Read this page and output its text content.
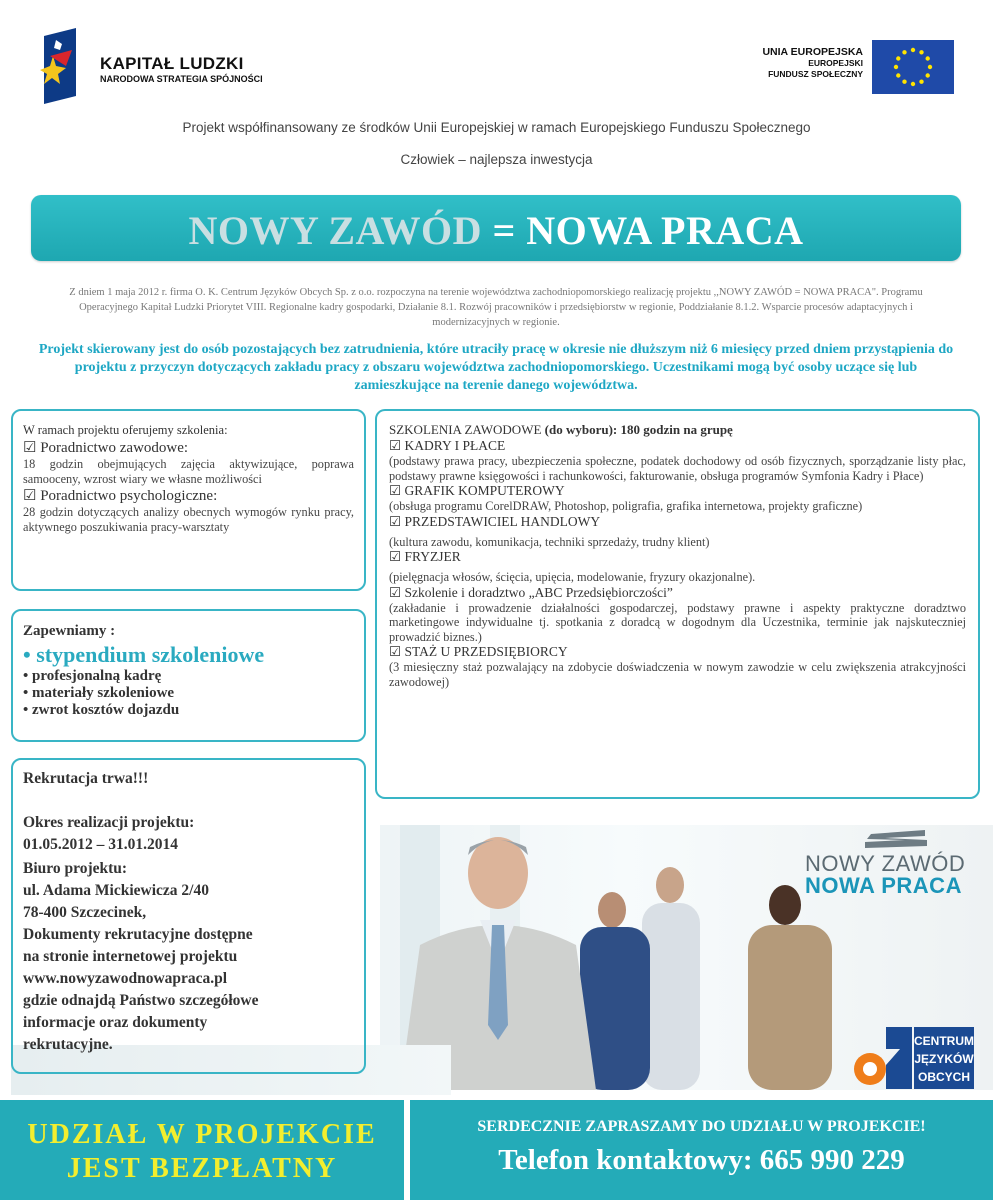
KAPITAŁ LUDZKI
NARODOWA STRATEGIA SPÓJNOŚCI
UNIA EUROPEJSKA
EUROPEJSKI
FUNDUSZ SPOŁECZNY
Projekt współfinansowany ze środków Unii Europejskiej w ramach Europejskiego Funduszu Społecznego
Człowiek – najlepsza inwestycja
NOWY ZAWÓD = NOWA PRACA
Z dniem 1 maja 2012 r. firma O. K. Centrum Języków Obcych Sp. z o.o. rozpoczyna na terenie województwa zachodniopomorskiego realizację projektu ,,NOWY ZAWÓD = NOWA PRACA". Programu Operacyjnego Kapitał Ludzki Priorytet VIII. Regionalne kadry gospodarki, Działanie 8.1. Rozwój pracowników i przedsiębiorstw w regionie, Poddziałanie 8.1.2. Wsparcie procesów adaptacyjnych i modernizacyjnych w regionie.
Projekt skierowany jest do osób pozostających bez zatrudnienia, które utraciły pracę w okresie nie dłuższym niż 6 miesięcy przed dniem przystąpienia do projektu z przyczyn dotyczących zakładu pracy z obszaru województwa zachodniopomorskiego. Uczestnikami mogą być osoby uczące się lub zamieszkujące na terenie danego województwa.

W ramach projektu oferujemy szkolenia:

☑ Poradnictwo zawodowe:

18 godzin obejmujących zajęcia aktywizujące, poprawa samooceny, wzrost wiary we własne możliwości

☑ Poradnictwo psychologiczne:

28 godzin dotyczących analizy obecnych wymogów rynku pracy, aktywnego poszukiwania pracy-warsztaty

Zapewniamy :

• stypendium szkoleniowe

• profesjonalną kadrę

• materiały szkoleniowe

• zwrot kosztów dojazdu

NOWY ZAWÓD
NOWA PRACA
CENTRUM
JĘZYKÓW
OBCYCH

Rekrutacja trwa!!!

Okres realizacji projektu:

01.05.2012 – 31.01.2014

Biuro projektu:

ul. Adama Mickiewicza 2/40

78-400 Szczecinek,

Dokumenty rekrutacyjne dostępne

na stronie internetowej projektu

www.nowyzawodnowapraca.pl

gdzie odnajdą Państwo szczegółowe

informacje oraz dokumenty

rekrutacyjne.

SZKOLENIA ZAWODOWE (do wyboru): 180 godzin na grupę

☑ KADRY I PŁACE

(podstawy prawa pracy, ubezpieczenia społeczne, podatek dochodowy od osób fizycznych, sporządzanie listy płac, podstawy prawne księgowości i rachunkowości, fakturowanie, obsługa programów Symfonia Kadry i Płace)

☑ GRAFIK KOMPUTEROWY

(obsługa programu CorelDRAW, Photoshop, poligrafia, grafika internetowa, projekty graficzne)

☑ PRZEDSTAWICIEL HANDLOWY

(kultura zawodu, komunikacja, techniki sprzedaży, trudny klient)

☑ FRYZJER

(pielęgnacja włosów, ścięcia, upięcia, modelowanie, fryzury okazjonalne).

☑ Szkolenie i doradztwo „ABC Przedsiębiorczości”

(zakładanie i prowadzenie działalności gospodarczej, podstawy prawne i aspekty praktyczne doradztwo marketingowe indywidualne tj. spotkania z doradcą w dogodnym dla Uczestnika, terminie jak najskuteczniej prowadzić biznes.)

☑ STAŻ U PRZEDSIĘBIORCY

(3 miesięczny staż pozwalający na zdobycie doświadczenia w nowym zawodzie w celu zwiększenia atrakcyjności zawodowej)

UDZIAŁ W PROJEKCIE
JEST BEZPŁATNY
SERDECZNIE ZAPRASZAMY DO UDZIAŁU W PROJEKCIE!
Telefon kontaktowy: 665 990 229
